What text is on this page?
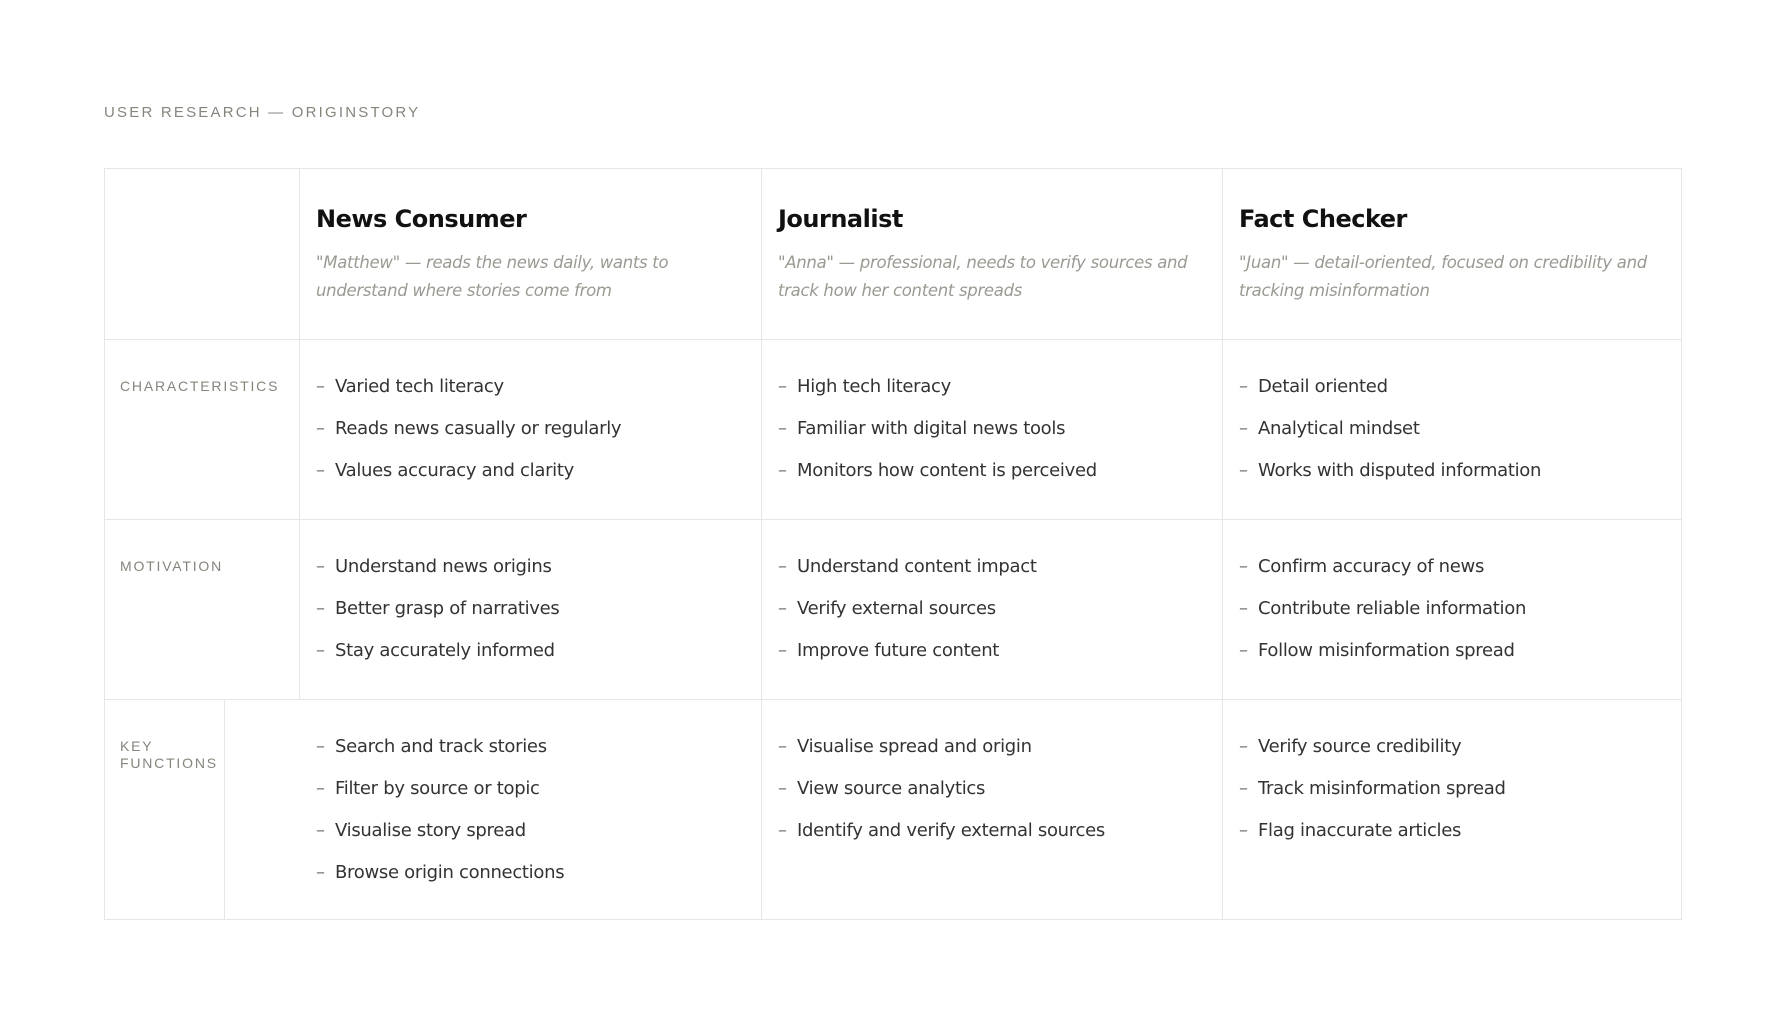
USER RESEARCH — ORIGINSTORY
News Consumer
"Matthew" — reads the news daily, wants to understand where stories come from
Journalist
"Anna" — professional, needs to verify sources and track how her content spreads
Fact Checker
"Juan" — detail-oriented, focused on credibility and tracking misinformation
CHARACTERISTICS	– Varied tech literacy
– Reads news casually or regularly
– Values accuracy and clarity
– High tech literacy
– Familiar with digital news tools
– Monitors how content is perceived
– Detail oriented
– Analytical mindset
– Works with disputed information
MOTIVATION	– Understand news origins
– Better grasp of narratives
– Stay accurately informed
– Understand content impact
– Verify external sources
– Improve future content
– Confirm accuracy of news
– Contribute reliable information
– Follow misinformation spread
KEY FUNCTIONS
– Search and track stories
– Filter by source or topic
– Visualise story spread
– Browse origin connections
– Visualise spread and origin
– View source analytics
– Identify and verify external sources
– Verify source credibility
– Track misinformation spread
– Flag inaccurate articles
